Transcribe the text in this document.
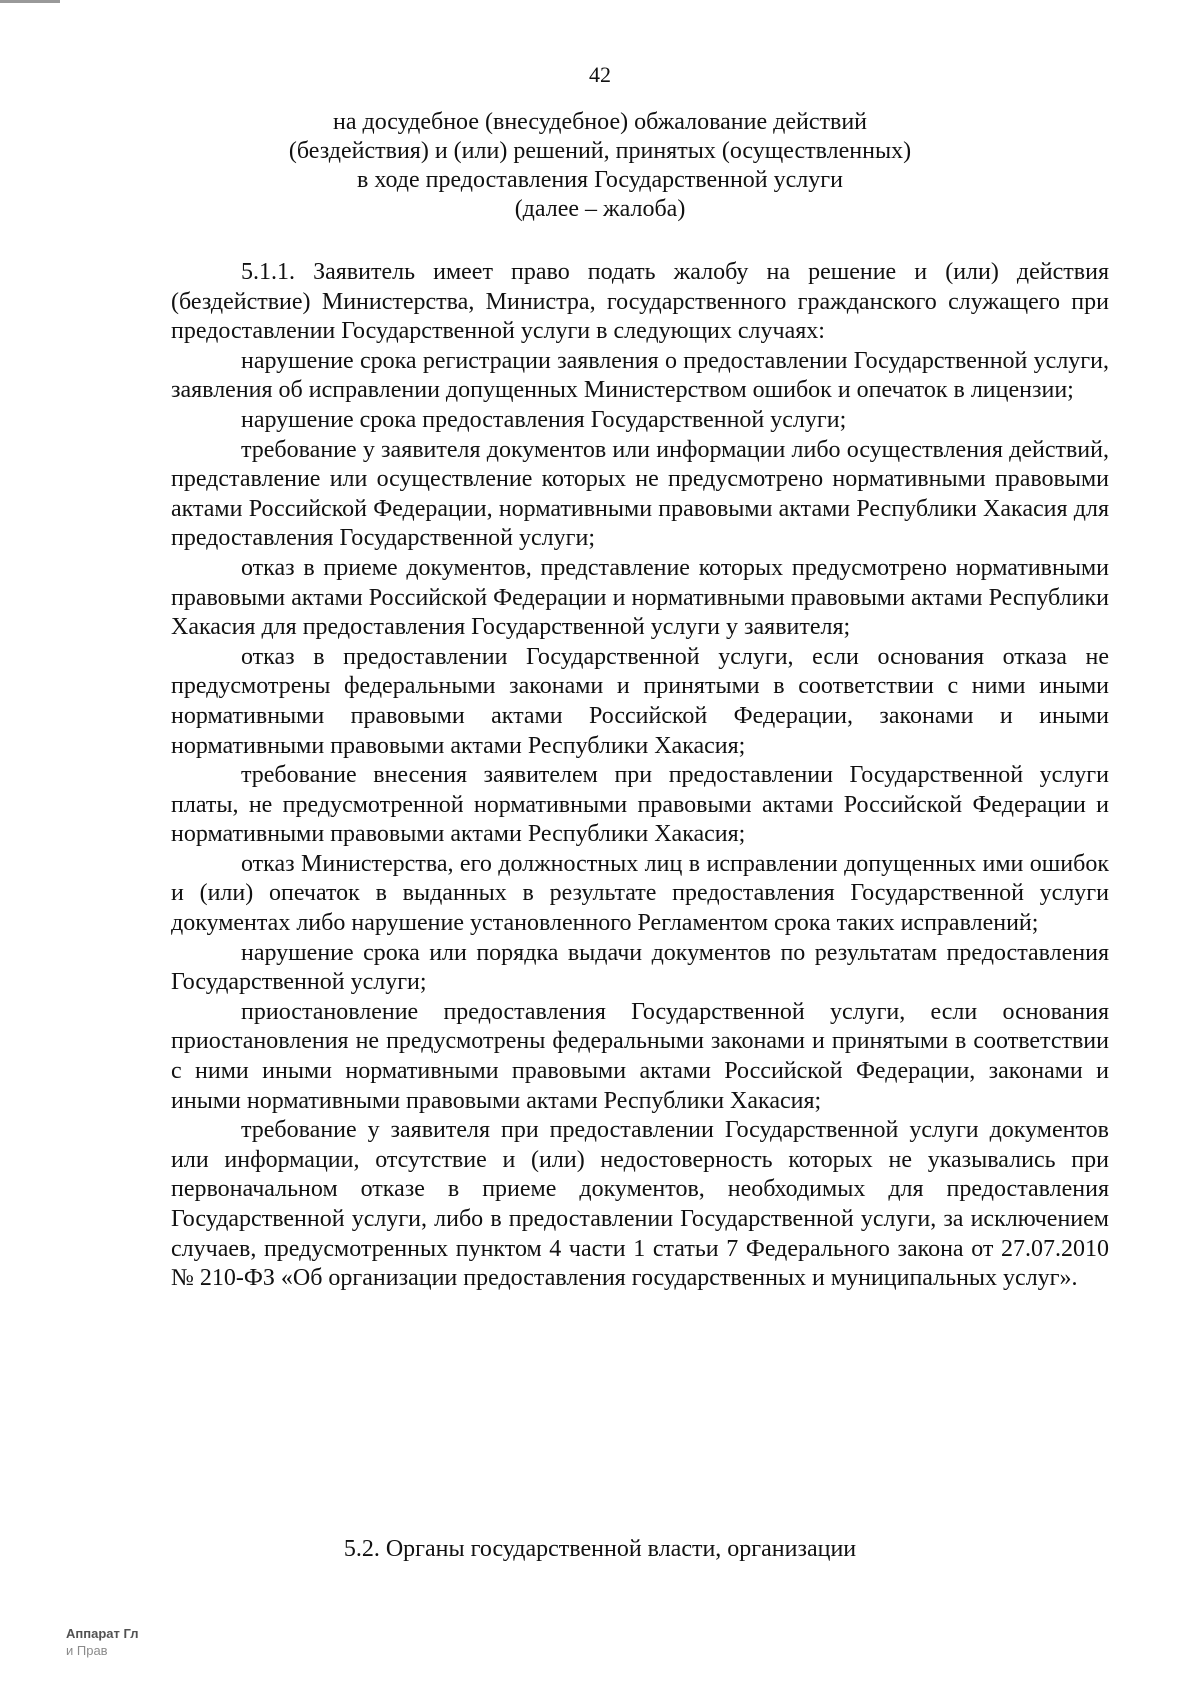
42
на досудебное (внесудебное) обжалование действий
(бездействия) и (или) решений, принятых (осуществленных)
в ходе предоставления Государственной услуги
(далее – жалоба)

5.1.1. Заявитель имеет право подать жалобу на решение и (или) действия (бездействие) Министерства, Министра, государственного гражданского служащего при предоставлении Государственной услуги в следующих случаях:

нарушение срока регистрации заявления о предоставлении Государственной услуги, заявления об исправлении допущенных Министерством ошибок и опечаток в лицензии;

нарушение срока предоставления Государственной услуги;

требование у заявителя документов или информации либо осуществления действий, представление или осуществление которых не предусмотрено нормативными правовыми актами Российской Федерации, нормативными правовыми актами Республики Хакасия для предоставления Государственной услуги;

отказ в приеме документов, представление которых предусмотрено нормативными правовыми актами Российской Федерации и нормативными правовыми актами Республики Хакасия для предоставления Государственной услуги у заявителя;

отказ в предоставлении Государственной услуги, если основания отказа не предусмотрены федеральными законами и принятыми в соответствии с ними иными нормативными правовыми актами Российской Федерации, законами и иными нормативными правовыми актами Республики Хакасия;

требование внесения заявителем при предоставлении Государственной услуги платы, не предусмотренной нормативными правовыми актами Российской Федерации и нормативными правовыми актами Республики Хакасия;

отказ Министерства, его должностных лиц в исправлении допущенных ими ошибок и (или) опечаток в выданных в результате предоставления Государственной услуги документах либо нарушение установленного Регламентом срока таких исправлений;

нарушение срока или порядка выдачи документов по результатам предоставления Государственной услуги;

приостановление предоставления Государственной услуги, если основания приостановления не предусмотрены федеральными законами и принятыми в соответствии с ними иными нормативными правовыми актами Российской Федерации, законами и иными нормативными правовыми актами Республики Хакасия;

требование у заявителя при предоставлении Государственной услуги документов или информации, отсутствие и (или) недостоверность которых не указывались при первоначальном отказе в приеме документов, необходимых для предоставления Государственной услуги, либо в предоставлении Государственной услуги, за исключением случаев, предусмотренных пунктом 4 части 1 статьи 7 Федерального закона от 27.07.2010 № 210-ФЗ «Об организации предоставления государственных и муниципальных услуг».

5.2. Органы государственной власти, организации
Аппарат Гл
и Прав
